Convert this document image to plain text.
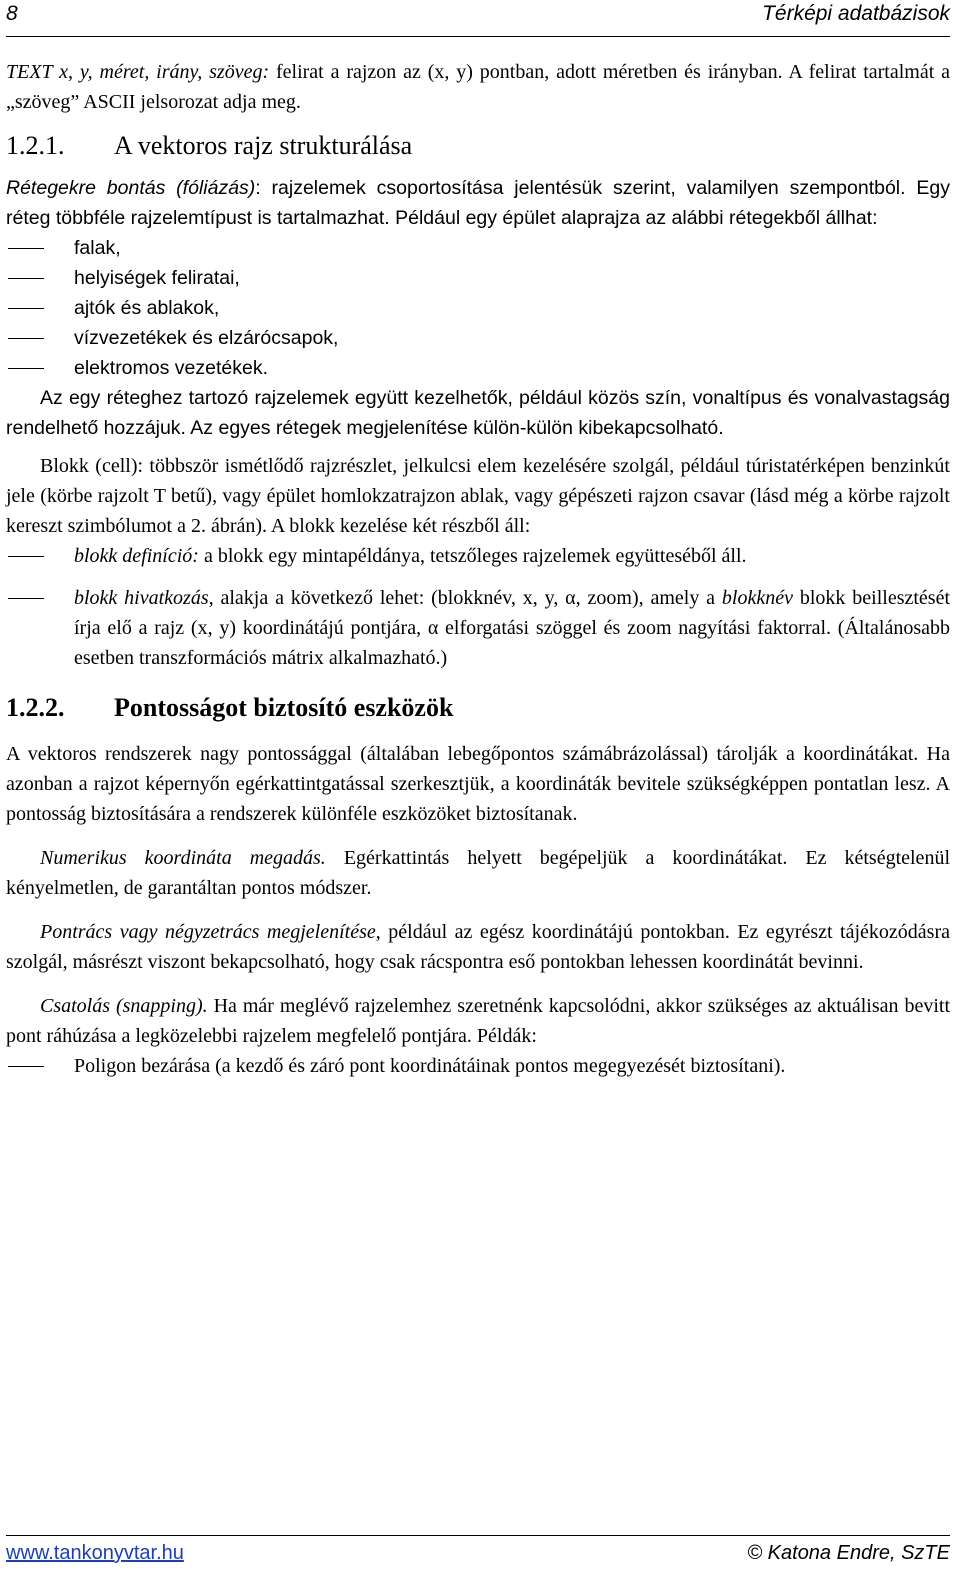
8	Térképi adatbázisok

TEXT x, y, méret, irány, szöveg: felirat a rajzon az (x, y) pontban, adott méretben és irányban. A felirat tartalmát a „szöveg” ASCII jelsorozat adja meg.

1.2.1. A vektoros rajz strukturálása

Rétegekre bontás (fóliázás): rajzelemek csoportosítása jelentésük szerint, valamilyen szempontból. Egy réteg többféle rajzelemtípust is tartalmazhat. Például egy épület alaprajza az alábbi rétegekből állhat:

falak,
helyiségek feliratai,
ajtók és ablakok,
vízvezetékek és elzárócsapok,
elektromos vezetékek.

Az egy réteghez tartozó rajzelemek együtt kezelhetők, például közös szín, vonaltípus és vonalvastagság rendelhető hozzájuk. Az egyes rétegek megjelenítése külön-külön kibekapcsolható.

Blokk (cell): többször ismétlődő rajzrészlet, jelkulcsi elem kezelésére szolgál, például túristatérképen benzinkút jele (körbe rajzolt T betű), vagy épület homlokzatrajzon ablak, vagy gépészeti rajzon csavar (lásd még a körbe rajzolt kereszt szimbólumot a 2. ábrán). A blokk kezelése két részből áll:

blokk definíció: a blokk egy mintapéldánya, tetszőleges rajzelemek együtteséből áll.
blokk hivatkozás, alakja a következő lehet: (blokknév, x, y, α, zoom), amely a blokknév blokk beillesztését írja elő a rajz (x, y) koordinátájú pontjára, α elforgatási szöggel és zoom nagyítási faktorral. (Általánosabb esetben transzformációs mátrix alkalmazható.)
1.2.2. Pontosságot biztosító eszközök

A vektoros rendszerek nagy pontossággal (általában lebegőpontos számábrázolással) tárolják a koordinátákat. Ha azonban a rajzot képernyőn egérkattintgatással szerkesztjük, a koordináták bevitele szükségképpen pontatlan lesz. A pontosság biztosítására a rendszerek különféle eszközöket biztosítanak.

Numerikus koordináta megadás. Egérkattintás helyett begépeljük a koordinátákat. Ez kétségtelenül kényelmetlen, de garantáltan pontos módszer.

Pontrács vagy négyzetrács megjelenítése, például az egész koordinátájú pontokban. Ez egyrészt tájékozódásra szolgál, másrészt viszont bekapcsolható, hogy csak rácspontra eső pontokban lehessen koordinátát bevinni.

Csatolás (snapping). Ha már meglévő rajzelemhez szeretnénk kapcsolódni, akkor szükséges az aktuálisan bevitt pont ráhúzása a legközelebbi rajzelem megfelelő pontjára. Példák:

Poligon bezárása (a kezdő és záró pont koordinátáinak pontos megegyezését biztosítani).
www.tankonyvtar.hu	© Katona Endre, SzTE
